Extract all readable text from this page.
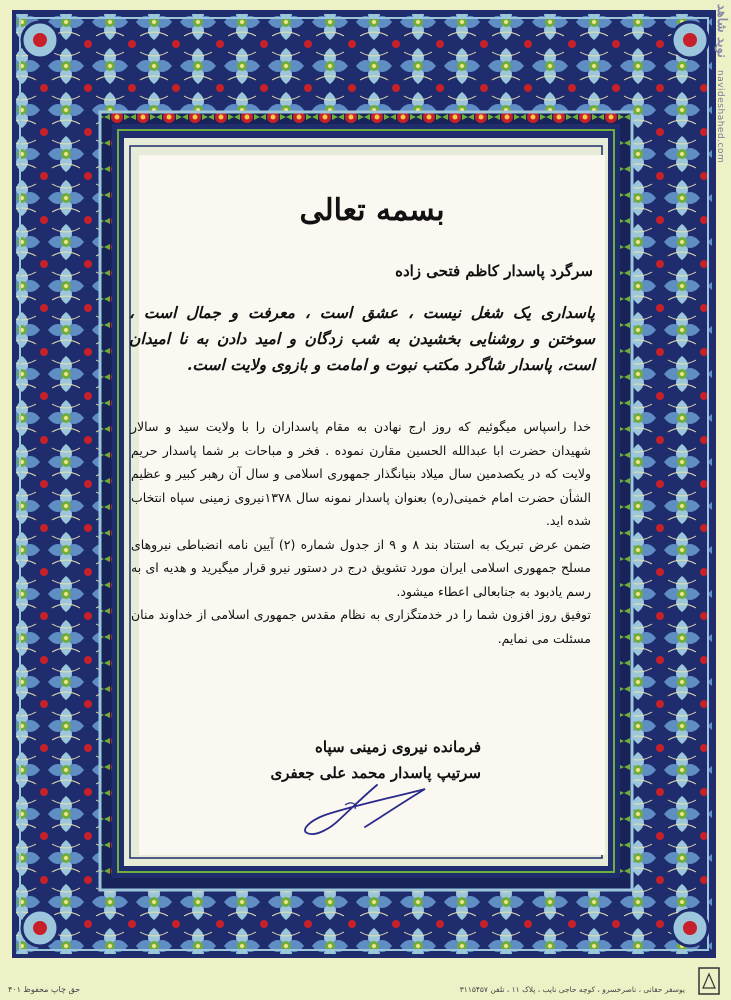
بسمه تعالی
سرگرد پاسدار کاظم فتحی زاده
پاسداری یک شغل نیست ، عشق است ، معرفت و جمال است ،
سوختن و روشنایی بخشیدن به شب زدگان و امید دادن به نا امیدان
است، پاسدار شاگرد مکتب نبوت و امامت و بازوی ولایت است.

خدا راسپاس میگوئیم که روز ارج نهادن به مقام پاسداران را با ولایت سید و سالار شهیدان حضرت ابا عبدالله الحسین مقارن نموده . فخر و مباحات بر شما پاسدار حریم ولایت که در یکصدمین سال میلاد بنیانگذار جمهوری اسلامی و سال آن رهبر کبیر و عظیم الشأن حضرت امام خمینی(ره) بعنوان پاسدار نمونه سال ۱۳۷۸نیروی زمینی سپاه انتخاب شده اید.

ضمن عرض تبریک به استناد بند ۸ و ۹ از جدول شماره (۲) آیین نامه انضباطی نیروهای مسلح جمهوری اسلامی ایران مورد تشویق درج در دستور نیرو قرار میگیرید و هدیه ای به رسم یادبود به جنابعالی اعطاء میشود.

توفیق روز افزون شما را در خدمتگزاری به نظام مقدس جمهوری اسلامی از خداوند منان مسئلت می نمایم.

فرمانده نیروی زمینی سپاه
سرتیپ پاسدار محمد علی جعفری
نوید شاهد
navideshahed.com
حق چاپ محفوظ ۴۰۱	یوسفر حقانی ، ناصرخسرو ، کوچه حاجی نایب ، پلاک ۱۱ ، تلفن ۳۱۱۵۴۵۷
